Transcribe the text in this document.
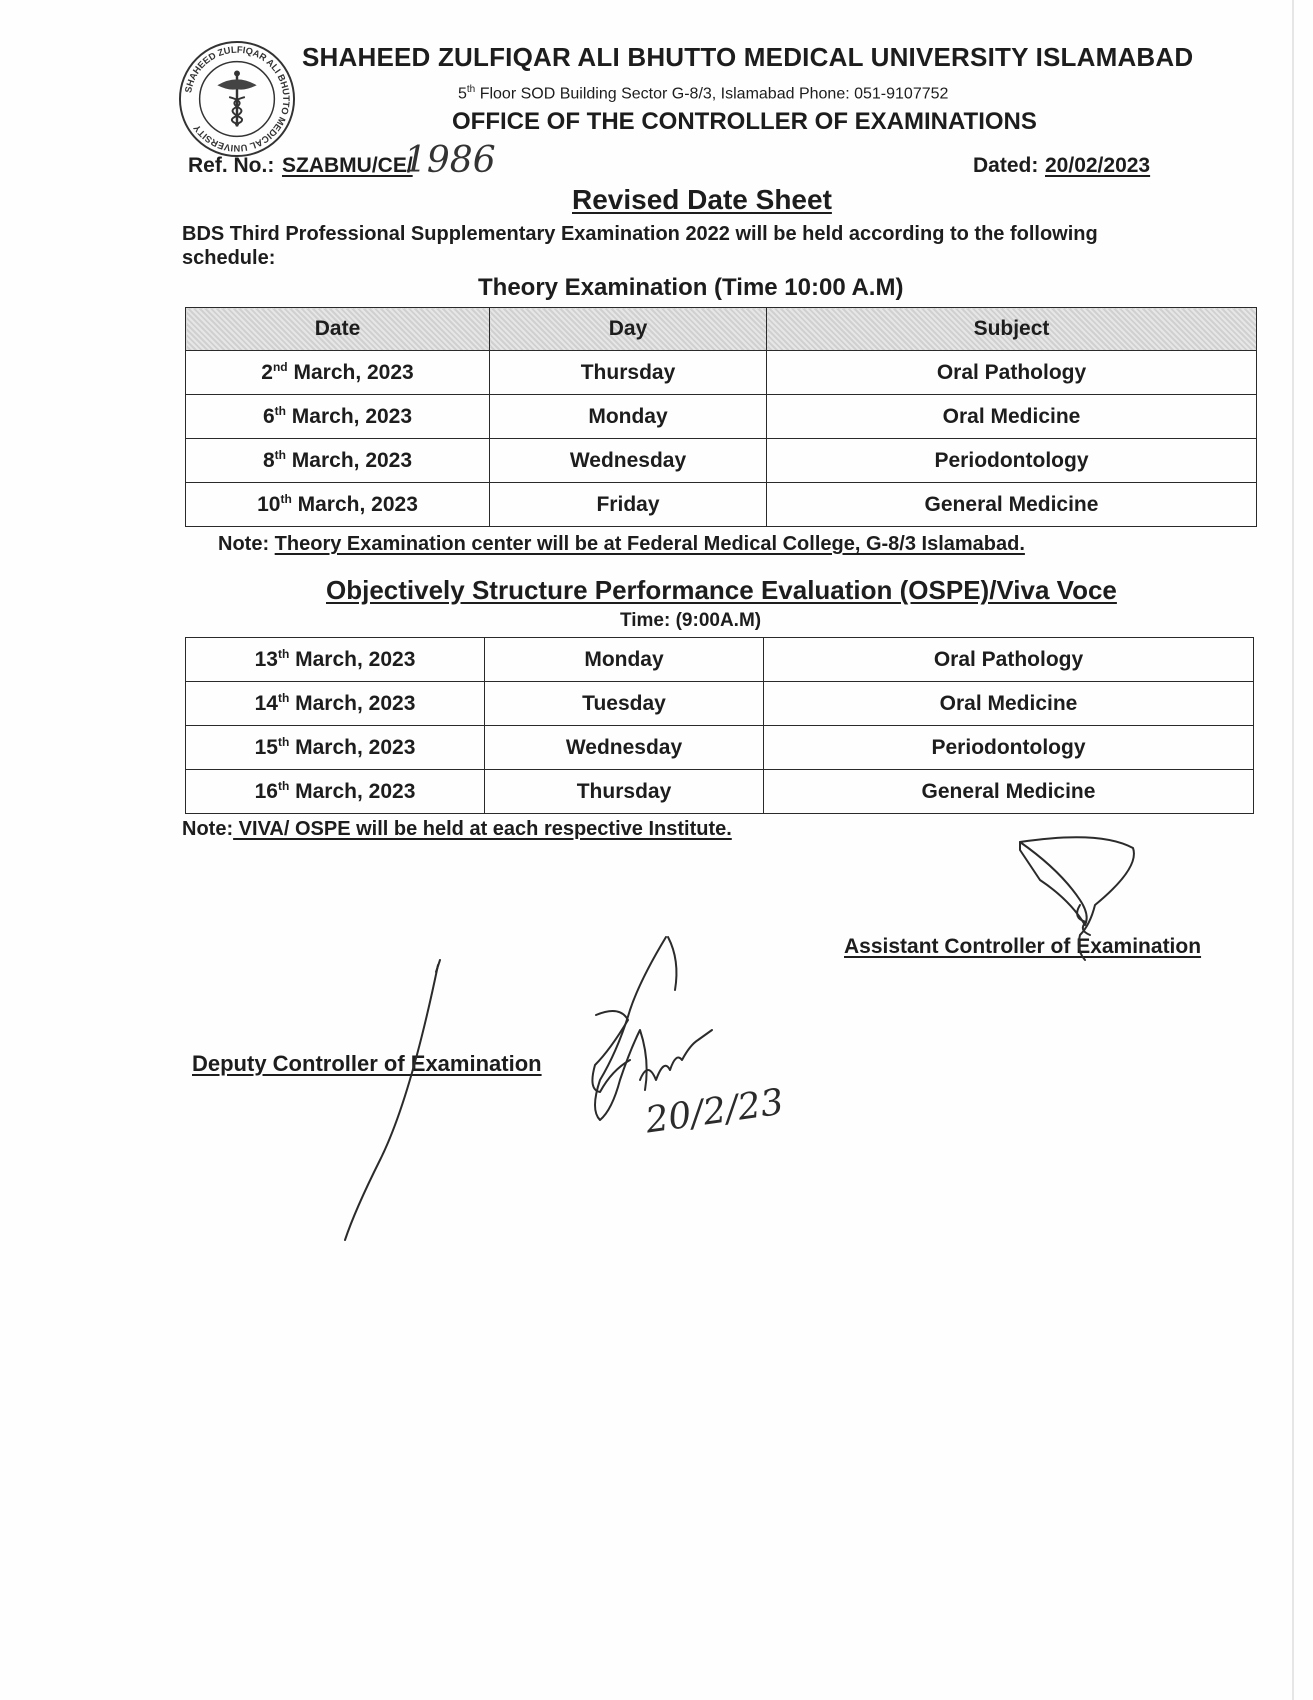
SHAHEED ZULFIQAR ALI BHUTTO MEDICAL UNIVERSITY
SHAHEED ZULFIQAR ALI BHUTTO MEDICAL UNIVERSITY ISLAMABAD
5th Floor SOD Building Sector G-8/3, Islamabad Phone: 051-9107752
OFFICE OF THE CONTROLLER OF EXAMINATIONS
Ref. No.: SZABMU/CE/
1986	Dated: 20/02/2023
Revised Date Sheet
BDS Third Professional Supplementary Examination 2022 will be held according to the following schedule:
Theory Examination (Time 10:00 A.M)
Date	Day	Subject
2nd March, 2023	Thursday	Oral Pathology
6th March, 2023	Monday	Oral Medicine
8th March, 2023	Wednesday	Periodontology
10th March, 2023	Friday	General Medicine
Note: Theory Examination center will be at Federal Medical College, G-8/3 Islamabad.
Objectively Structure Performance Evaluation (OSPE)/Viva Voce
Time: (9:00A.M)
13th March, 2023	Monday	Oral Pathology
14th March, 2023	Tuesday	Oral Medicine
15th March, 2023	Wednesday	Periodontology
16th March, 2023	Thursday	General Medicine
Note: VIVA/ OSPE will be held at each respective Institute.
Assistant Controller of Examination
Deputy Controller of Examination
20/2/23
